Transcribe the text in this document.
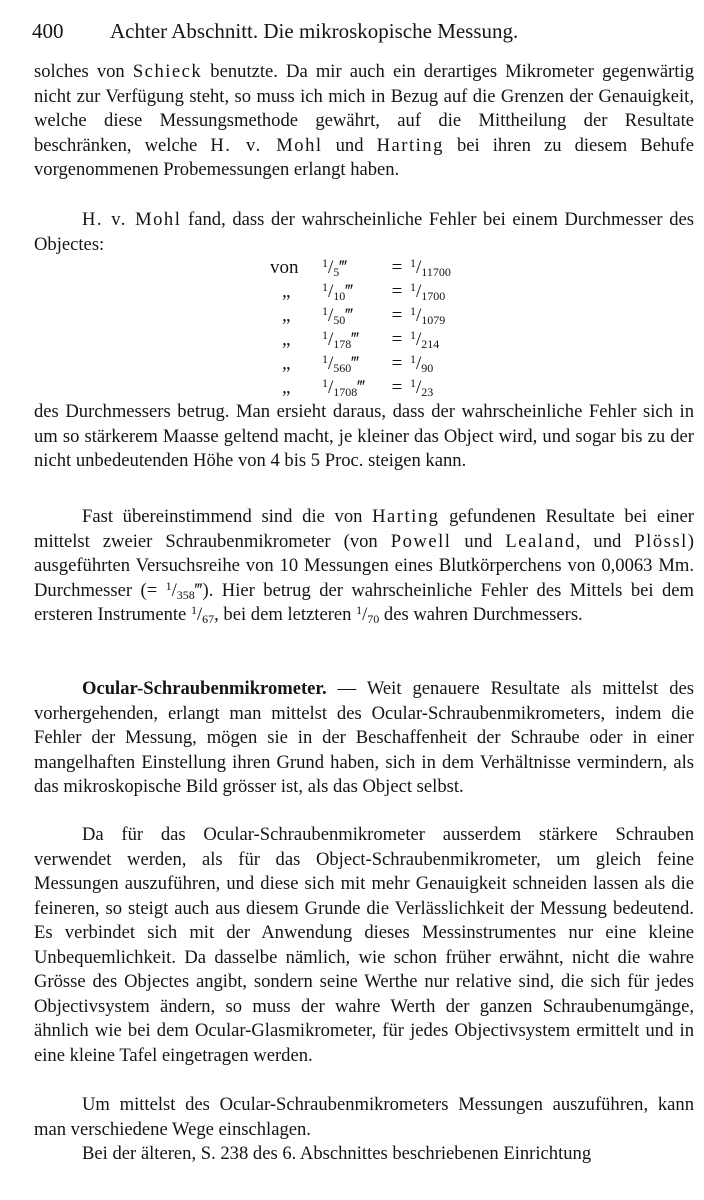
400 Achter Abschnitt. Die mikroskopische Messung.

solches von Schieck benutzte. Da mir auch ein derartiges Mikrometer gegenwärtig nicht zur Verfügung steht, so muss ich mich in Bezug auf die Grenzen der Genauigkeit, welche diese Messungsmethode gewährt, auf die Mittheilung der Resultate beschränken, welche H. v. Mohl und Harting bei ihren zu diesem Behufe vorgenommenen Probemessungen erlangt haben.

H. v. Mohl fand, dass der wahrscheinliche Fehler bei einem Durchmesser des Objectes:

von $^1/_5‴ = ^1/_{11700}$
„	$^1/_{10}‴ = ^1/_{1700}$
„	$^1/_{50}‴ = ^1/_{1079}$
„	$^1/_{178}‴ = ^1/_{214}$
„	$^1/_{560}‴ = ^1/_{90}$
„	$^1/_{1708}‴ = ^1/_{23}$

des Durchmessers betrug. Man ersieht daraus, dass der wahrscheinliche Fehler sich in um so stärkerem Maasse geltend macht, je kleiner das Object wird, und sogar bis zu der nicht unbedeutenden Höhe von 4 bis 5 Proc. steigen kann.

Fast übereinstimmend sind die von Harting gefundenen Resultate bei einer mittelst zweier Schraubenmikrometer (von Powell und Lealand, und Plössl) ausgeführten Versuchsreihe von 10 Messungen eines Blutkörperchens von 0,0063 Mm. Durchmesser (= $^1/_{358}‴$). Hier betrug der wahrscheinliche Fehler des Mittels bei dem ersteren Instrumente $^1/_{67}$, bei dem letzteren $^1/_{70}$ des wahren Durchmessers.

Ocular-Schraubenmikrometer. — Weit genauere Resultate als mittelst des vorhergehenden, erlangt man mittelst des Ocular-Schraubenmikrometers, indem die Fehler der Messung, mögen sie in der Beschaffenheit der Schraube oder in einer mangelhaften Einstellung ihren Grund haben, sich in dem Verhältnisse vermindern, als das mikroskopische Bild grösser ist, als das Object selbst.

Da für das Ocular-Schraubenmikrometer ausserdem stärkere Schrauben verwendet werden, als für das Object-Schraubenmikrometer, um gleich feine Messungen auszuführen, und diese sich mit mehr Genauigkeit schneiden lassen als die feineren, so steigt auch aus diesem Grunde die Verlässlichkeit der Messung bedeutend. Es verbindet sich mit der Anwendung dieses Messinstrumentes nur eine kleine Unbequemlichkeit. Da dasselbe nämlich, wie schon früher erwähnt, nicht die wahre Grösse des Objectes angibt, sondern seine Werthe nur relative sind, die sich für jedes Objectivsystem ändern, so muss der wahre Werth der ganzen Schraubenumgänge, ähnlich wie bei dem Ocular-Glasmikrometer, für jedes Objectivsystem ermittelt und in eine kleine Tafel eingetragen werden.

Um mittelst des Ocular-Schraubenmikrometers Messungen auszuführen, kann man verschiedene Wege einschlagen.

Bei der älteren, S. 238 des 6. Abschnittes beschriebenen Einrichtung
